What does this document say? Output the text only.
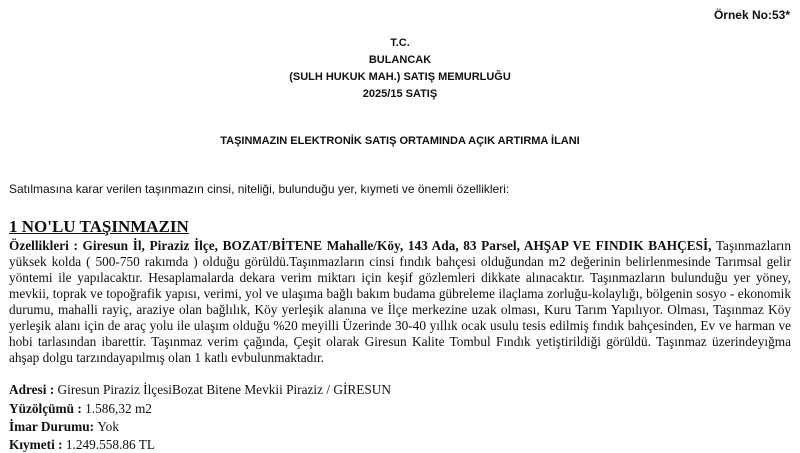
Örnek No:53*
T.C.
BULANCAK
(SULH HUKUK MAH.) SATIŞ MEMURLUĞU
2025/15 SATIŞ
TAŞINMAZIN ELEKTRONİK SATIŞ ORTAMINDA AÇIK ARTIRMA İLANI
Satılmasına karar verilen taşınmazın cinsi, niteliği, bulunduğu yer, kıymeti ve önemli özellikleri:
1 NO'LU TAŞINMAZIN
Özellikleri : Giresun İl, Piraziz İlçe, BOZAT/BİTENE Mahalle/Köy, 143 Ada, 83 Parsel, AHŞAP VE FINDIK BAHÇESİ, Taşınmazların yüksek kolda ( 500-750 rakımda ) olduğu görüldü.Taşınmazların cinsi fındık bahçesi olduğundan m2 değerinin belirlenmesinde Tarımsal gelir yöntemi ile yapılacaktır. Hesaplamalarda dekara verim miktarı için keşif gözlemleri dikkate alınacaktır. Taşınmazların bulunduğu yer yöney, mevkii, toprak ve topoğrafik yapısı, verimi, yol ve ulaşıma bağlı bakım budama gübreleme ilaçlama zorluğu-kolaylığı, bölgenin sosyo - ekonomik durumu, mahalli rayiç, araziye olan bağlılık, Köy yerleşik alanına ve İlçe merkezine uzak olması, Kuru Tarım Yapılıyor. Olması, Taşınmaz Köy yerleşik alanı için de araç yolu ile ulaşım olduğu %20 meyilli Üzerinde 30-40 yıllık ocak usulu tesis edilmiş fındık bahçesinden, Ev ve harman ve hobi tarlasından ibarettir. Taşınmaz verim çağında, Çeşit olarak Giresun Kalite Tombul Fındık yetiştirildiği görüldü. Taşınmaz üzerindeyığma ahşap dolgu tarzındayapılmış olan 1 katlı evbulunmaktadır.
Adresi : Giresun Piraziz İlçesiBozat Bitene Mevkii Piraziz / GİRESUN
Yüzölçümü : 1.586,32 m2
İmar Durumu: Yok
Kıymeti : 1.249.558.86 TL
